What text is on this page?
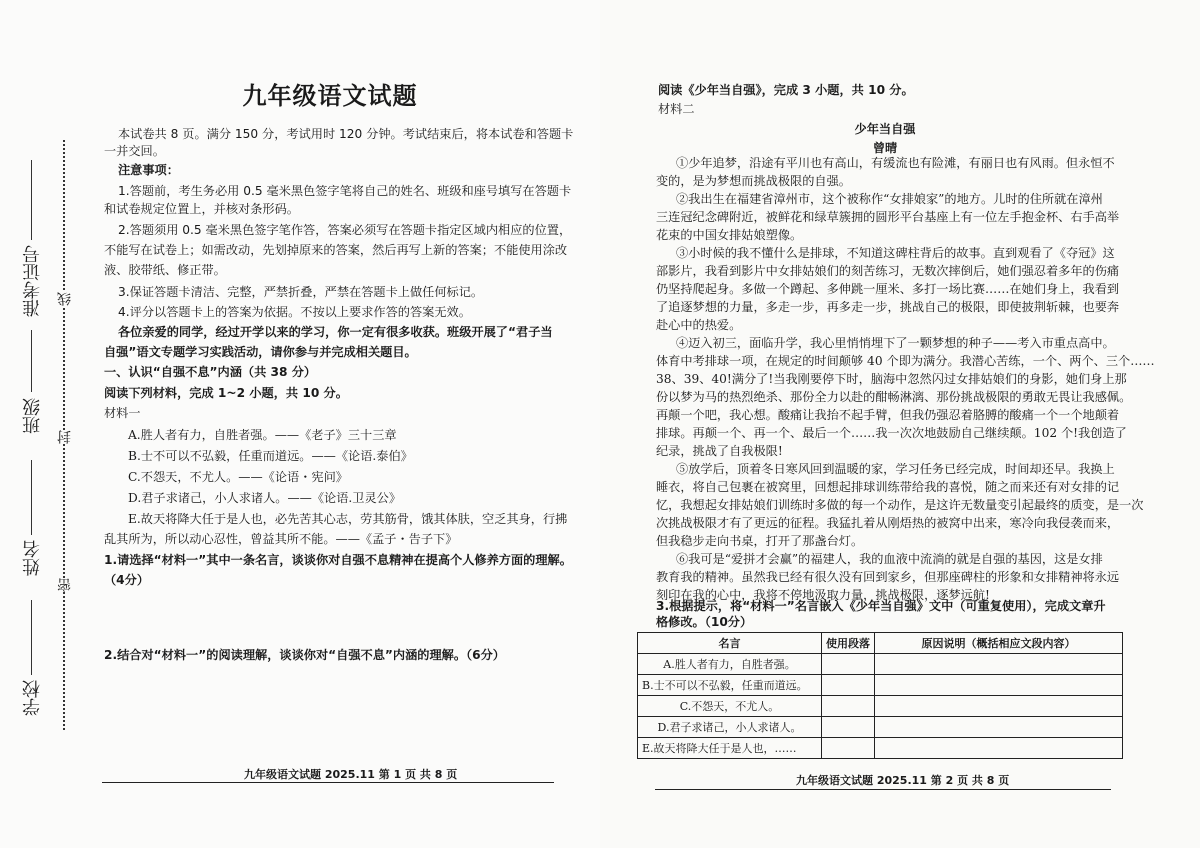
学校
姓名
班级
准考证号
密
封
线
九年级语文试题
本试卷共 8 页。满分 150 分，考试用时 120 分钟。考试结束后，将本试卷和答题卡
一并交回。
注意事项：
1.答题前，考生务必用 0.5 毫米黑色签字笔将自己的姓名、班级和座号填写在答题卡
和试卷规定位置上，并核对条形码。
2.答题须用 0.5 毫米黑色签字笔作答，答案必须写在答题卡指定区域内相应的位置，
不能写在试卷上；如需改动，先划掉原来的答案，然后再写上新的答案；不能使用涂改
液、胶带纸、修正带。
3.保证答题卡清洁、完整，严禁折叠，严禁在答题卡上做任何标记。
4.评分以答题卡上的答案为依据。不按以上要求作答的答案无效。
各位亲爱的同学，经过开学以来的学习，你一定有很多收获。班级开展了“君子当
自强”语文专题学习实践活动，请你参与并完成相关题目。
一、认识“自强不息”内涵（共 38 分）
阅读下列材料，完成 1~2 小题，共 10 分。
材料一
A.胜人者有力，自胜者强。——《老子》三十三章
B.士不可以不弘毅，任重而道远。——《论语.泰伯》
C.不怨天，不尤人。——《论语・宪问》
D.君子求诸己，小人求诸人。——《论语.卫灵公》
E.故天将降大任于是人也，必先苦其心志，劳其筋骨，饿其体肤，空乏其身，行拂
乱其所为，所以动心忍性，曾益其所不能。——《孟子・告子下》
1.请选择“材料一”其中一条名言，谈谈你对自强不息精神在提高个人修养方面的理解。
（4分）
2.结合对“材料一”的阅读理解，谈谈你对“自强不息”内涵的理解。（6分）
九年级语文试题 2025.11 第 1 页 共 8 页
阅读《少年当自强》，完成 3 小题，共 10 分。
材料二
少年当自强
曾晴
①少年追梦，沿途有平川也有高山，有缓流也有险滩，有丽日也有风雨。但永恒不
变的，是为梦想而挑战极限的自强。
②我出生在福建省漳州市，这个被称作“女排娘家”的地方。儿时的住所就在漳州
三连冠纪念碑附近，被鲜花和绿草簇拥的圆形平台基座上有一位左手抱金杯、右手高举
花束的中国女排姑娘塑像。
③小时候的我不懂什么是排球，不知道这碑柱背后的故事。直到观看了《夺冠》这
部影片，我看到影片中女排姑娘们的刻苦练习，无数次摔倒后，她们强忍着多年的伤痛
仍坚持爬起身。多做一个蹲起、多伸跳一厘米、多打一场比赛……在她们身上，我看到
了追逐梦想的力量，多走一步，再多走一步，挑战自己的极限，即使披荆斩棘，也要奔
赴心中的热爱。
④迈入初三，面临升学，我心里悄悄埋下了一颗梦想的种子——考入市重点高中。
体育中考排球一项，在规定的时间颠够 40 个即为满分。我潜心苦练，一个、两个、三个……
38、39、40!满分了!当我刚要停下时，脑海中忽然闪过女排姑娘们的身影，她们身上那
份以梦为马的热烈绝杀、那份全力以赴的酣畅淋漓、那份挑战极限的勇敢无畏让我感佩。
再颠一个吧，我心想。酸痛让我抬不起手臂，但我仍强忍着胳膊的酸痛一个一个地颠着
排球。再颠一个、再一个、最后一个……我一次次地鼓励自己继续颠。102 个!我创造了
纪录，挑战了自我极限!
⑤放学后，顶着冬日寒风回到温暖的家，学习任务已经完成，时间却还早。我换上
睡衣，将自己包裹在被窝里，回想起排球训练带给我的喜悦，随之而来还有对女排的记
忆，我想起女排姑娘们训练时多做的每一个动作，是这许无数量变引起最终的质变，是一次
次挑战极限才有了更远的征程。我猛扎着从刚焐热的被窝中出来，寒冷向我侵袭而来，
但我稳步走向书桌，打开了那盏台灯。
⑥我可是“爱拼才会赢”的福建人，我的血液中流淌的就是自强的基因，这是女排
教育我的精神。虽然我已经有很久没有回到家乡，但那座碑柱的形象和女排精神将永远
刻印在我的心中，我将不停地汲取力量，挑战极限，逐梦远航!
3.根据提示，将“材料一”名言嵌入《少年当自强》文中（可重复使用），完成文章升
格修改。（10分）
名言	使用段落	原因说明（概括相应文段内容）
A.胜人者有力，自胜者强。		
B.士不可以不弘毅，任重而道远。		
C.不怨天，不尤人。		
D.君子求诸己，小人求诸人。		
E.故天将降大任于是人也，……		
九年级语文试题 2025.11 第 2 页 共 8 页
